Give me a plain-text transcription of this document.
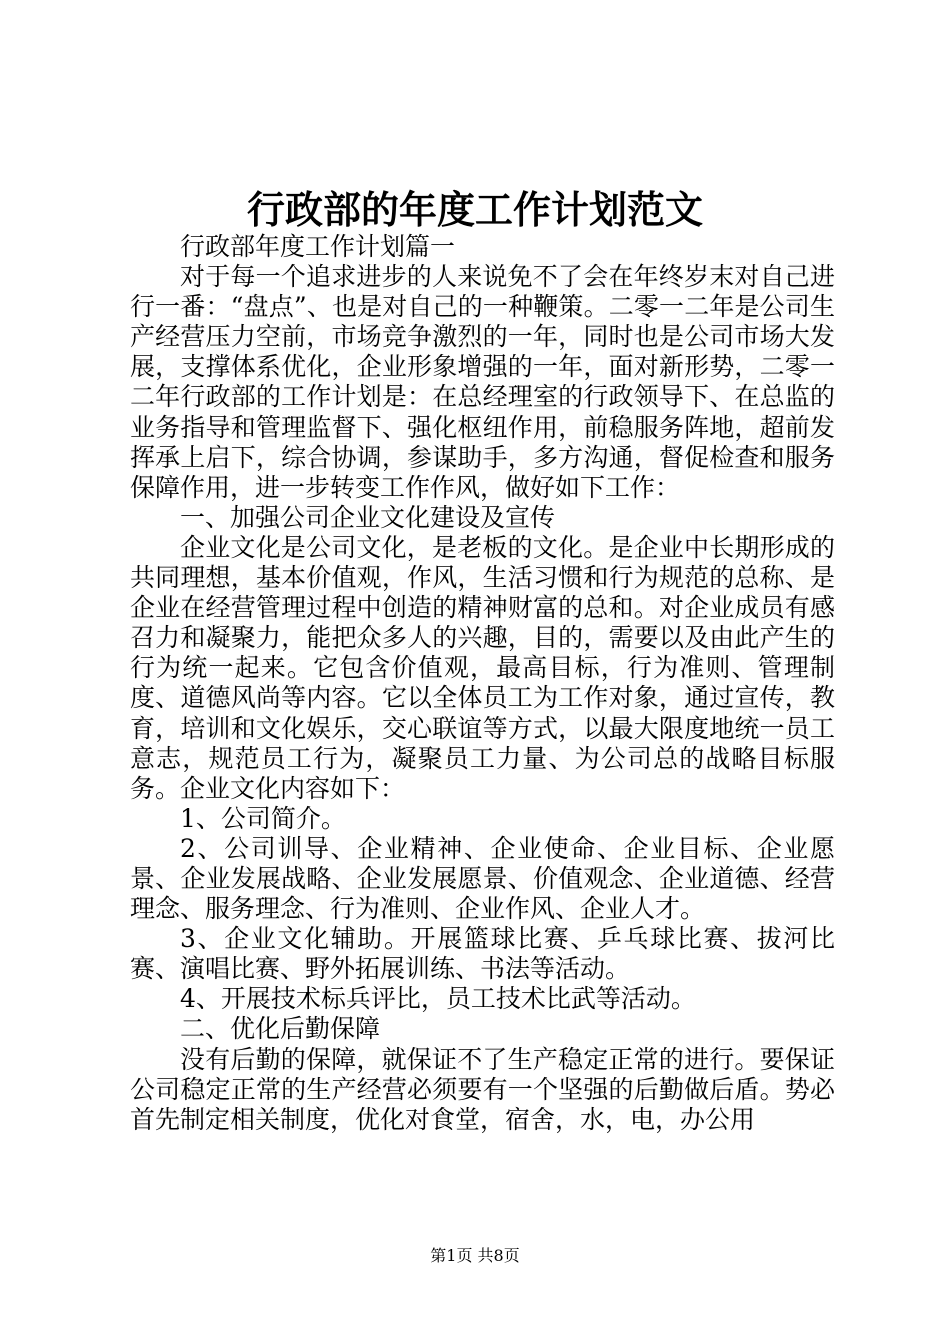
行政部的年度工作计划范文

行政部年度工作计划篇一

对于每一个追求进步的人来说免不了会在年终岁末对自己进行一番：“盘点”、也是对自己的一种鞭策。二零一二年是公司生产经营压力空前，市场竞争激烈的一年，同时也是公司市场大发展，支撑体系优化，企业形象增强的一年，面对新形势，二零一二年行政部的工作计划是：在总经理室的行政领导下、在总监的业务指导和管理监督下、强化枢纽作用，前稳服务阵地，超前发挥承上启下，综合协调，参谋助手，多方沟通，督促检查和服务保障作用，进一步转变工作作风，做好如下工作：

一、加强公司企业文化建设及宣传

企业文化是公司文化，是老板的文化。是企业中长期形成的共同理想，基本价值观，作风，生活习惯和行为规范的总称、是企业在经营管理过程中创造的精神财富的总和。对企业成员有感召力和凝聚力，能把众多人的兴趣，目的，需要以及由此产生的行为统一起来。它包含价值观，最高目标，行为准则、管理制度、道德风尚等内容。它以全体员工为工作对象，通过宣传，教育，培训和文化娱乐，交心联谊等方式，以最大限度地统一员工意志，规范员工行为，凝聚员工力量、为公司总的战略目标服务。企业文化内容如下：

1、公司简介。

2、公司训导、企业精神、企业使命、企业目标、企业愿景、企业发展战略、企业发展愿景、价值观念、企业道德、经营理念、服务理念、行为准则、企业作风、企业人才。

3、企业文化辅助。开展篮球比赛、乒乓球比赛、拔河比赛、演唱比赛、野外拓展训练、书法等活动。

4、开展技术标兵评比，员工技术比武等活动。

二、优化后勤保障

没有后勤的保障，就保证不了生产稳定正常的进行。要保证公司稳定正常的生产经营必须要有一个坚强的后勤做后盾。势必首先制定相关制度，优化对食堂，宿舍，水，电，办公用

第1页 共8页
